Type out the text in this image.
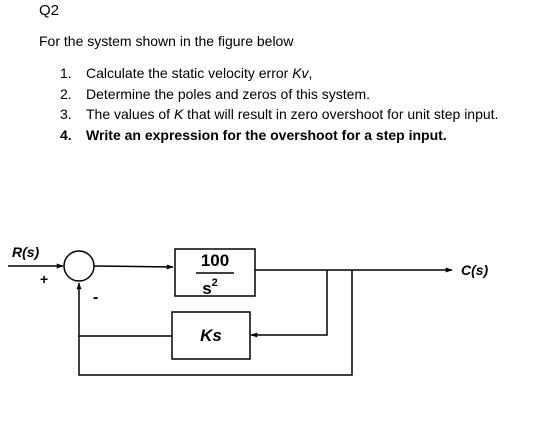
Q2
For the system shown in the figure below
1. Calculate the static velocity error Kv,
2. Determine the poles and zeros of this system.
3. The values of K that will result in zero overshoot for unit step input.
4. Write an expression for the overshoot for a step input.
R(s)
+
-
100
$s^2$
C(s)
Ks
